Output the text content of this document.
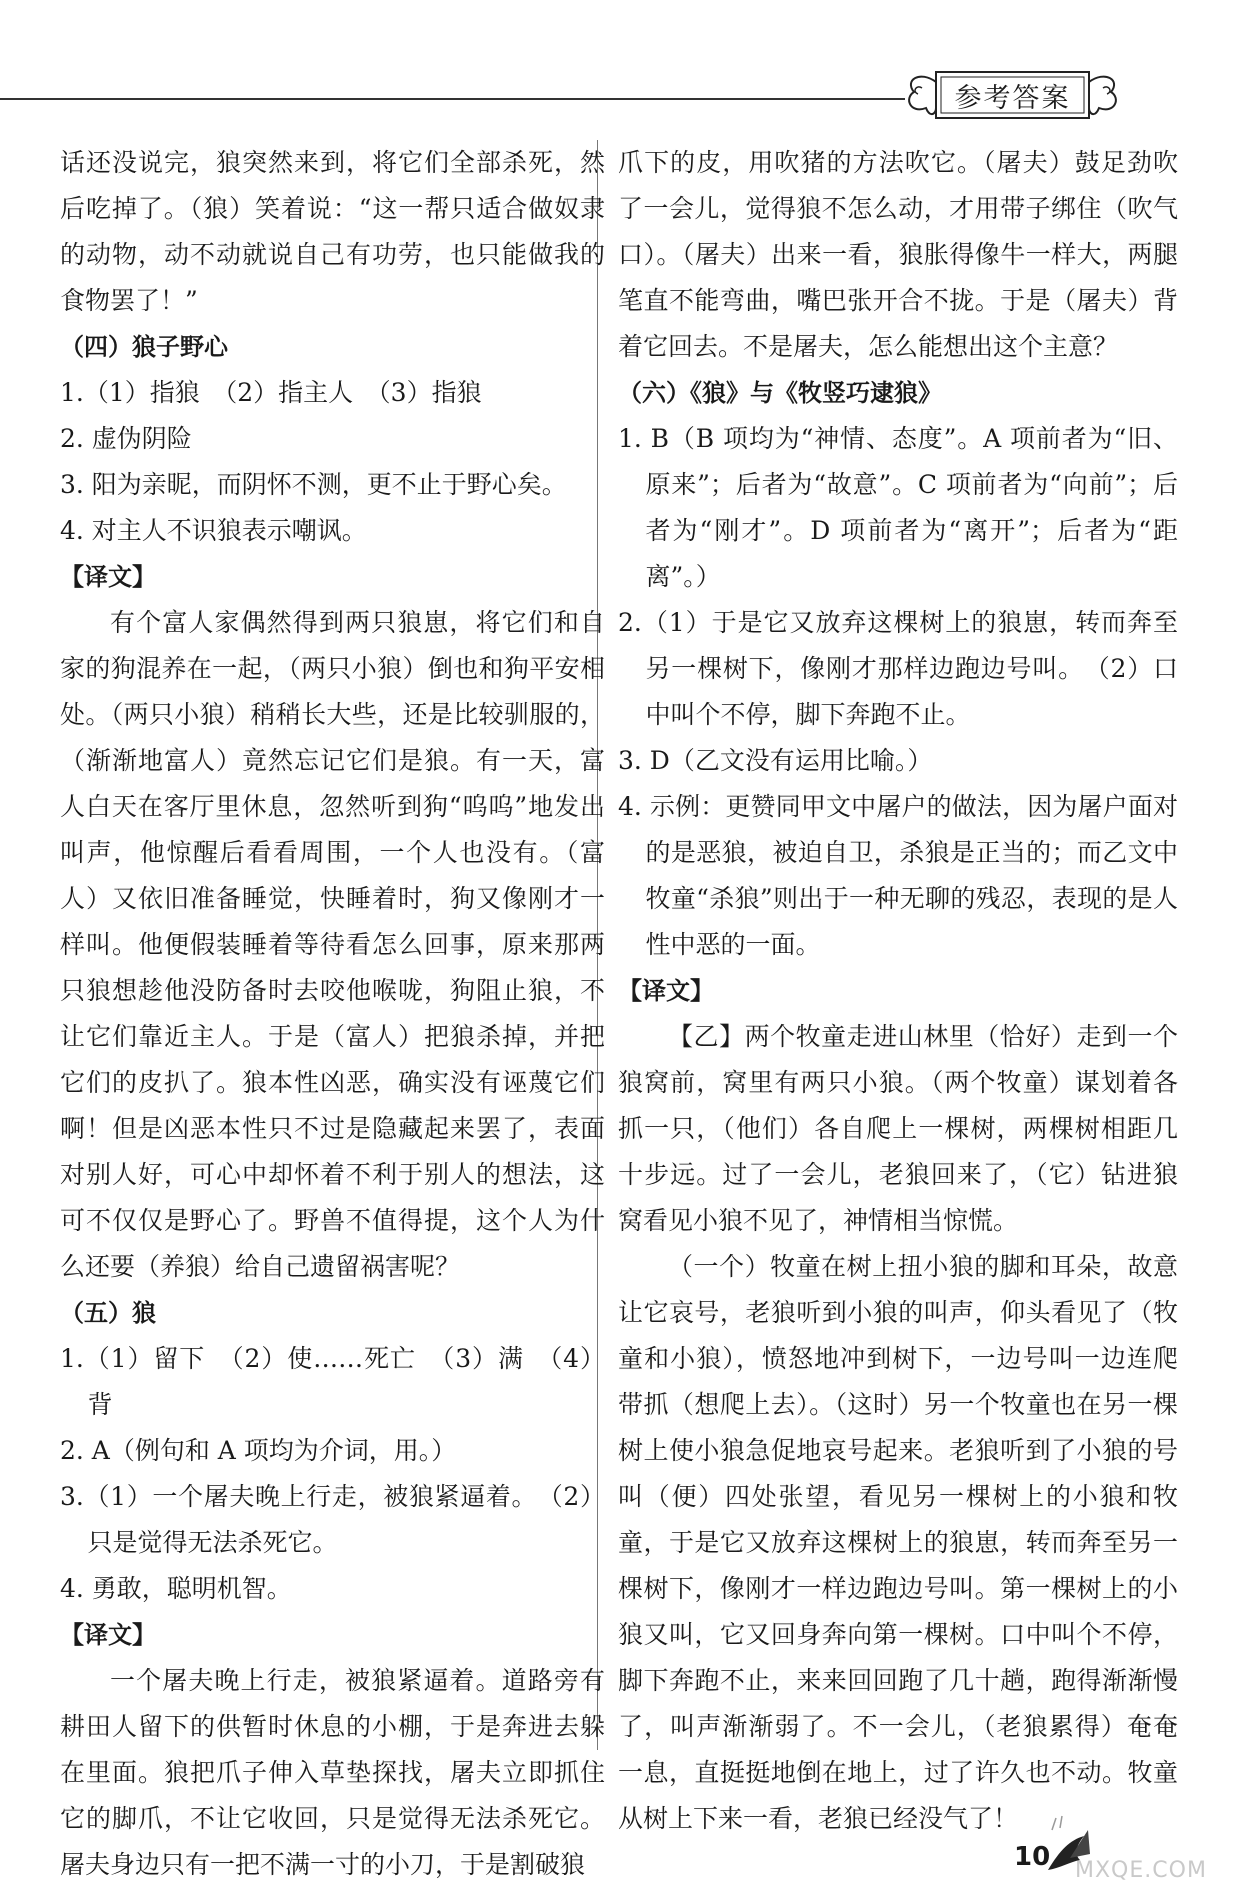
参考答案

话还没说完，狼突然来到，将它们全部杀死，然后吃掉了。（狼）笑着说：“这一帮只适合做奴隶的动物，动不动就说自己有功劳，也只能做我的食物罢了！”

（四）狼子野心

1.（1）指狼　（2）指主人　（3）指狼

2. 虚伪阴险

3. 阳为亲昵，而阴怀不测，更不止于野心矣。

4. 对主人不识狼表示嘲讽。

【译文】

有个富人家偶然得到两只狼崽，将它们和自家的狗混养在一起，（两只小狼）倒也和狗平安相处。（两只小狼）稍稍长大些，还是比较驯服的，（渐渐地富人）竟然忘记它们是狼。有一天，富人白天在客厅里休息，忽然听到狗“呜呜”地发出叫声，他惊醒后看看周围，一个人也没有。（富人）又依旧准备睡觉，快睡着时，狗又像刚才一样叫。他便假装睡着等待看怎么回事，原来那两只狼想趁他没防备时去咬他喉咙，狗阻止狼，不让它们靠近主人。于是（富人）把狼杀掉，并把它们的皮扒了。狼本性凶恶，确实没有诬蔑它们啊！但是凶恶本性只不过是隐藏起来罢了，表面对别人好，可心中却怀着不利于别人的想法，这可不仅仅是野心了。野兽不值得提，这个人为什么还要（养狼）给自己遗留祸害呢？

（五）狼

1.（1）留下　（2）使……死亡　（3）满　（4）背

2. A（例句和 A 项均为介词，用。）

3.（1）一个屠夫晚上行走，被狼紧逼着。　（2）只是觉得无法杀死它。

4. 勇敢，聪明机智。

【译文】

一个屠夫晚上行走，被狼紧逼着。道路旁有耕田人留下的供暂时休息的小棚，于是奔进去躲在里面。狼把爪子伸入草垫探找，屠夫立即抓住它的脚爪，不让它收回，只是觉得无法杀死它。屠夫身边只有一把不满一寸的小刀，于是割破狼

爪下的皮，用吹猪的方法吹它。（屠夫）鼓足劲吹了一会儿，觉得狼不怎么动，才用带子绑住（吹气口）。（屠夫）出来一看，狼胀得像牛一样大，两腿笔直不能弯曲，嘴巴张开合不拢。于是（屠夫）背着它回去。不是屠夫，怎么能想出这个主意？

（六）《狼》与《牧竖巧逮狼》

1. B（B 项均为“神情、态度”。A 项前者为“旧、原来”；后者为“故意”。C 项前者为“向前”；后者为“刚才”。D 项前者为“离开”；后者为“距离”。）

2.（1）于是它又放弃这棵树上的狼崽，转而奔至另一棵树下，像刚才那样边跑边号叫。　（2）口中叫个不停，脚下奔跑不止。

3. D（乙文没有运用比喻。）

4. 示例：更赞同甲文中屠户的做法，因为屠户面对的是恶狼，被迫自卫，杀狼是正当的；而乙文中牧童“杀狼”则出于一种无聊的残忍，表现的是人性中恶的一面。

【译文】

【乙】两个牧童走进山林里（恰好）走到一个狼窝前，窝里有两只小狼。（两个牧童）谋划着各抓一只，（他们）各自爬上一棵树，两棵树相距几十步远。过了一会儿，老狼回来了，（它）钻进狼窝看见小狼不见了，神情相当惊慌。

（一个）牧童在树上扭小狼的脚和耳朵，故意让它哀号，老狼听到小狼的叫声，仰头看见了（牧童和小狼），愤怒地冲到树下，一边号叫一边连爬带抓（想爬上去）。（这时）另一个牧童也在另一棵树上使小狼急促地哀号起来。老狼听到了小狼的号叫（便）四处张望，看见另一棵树上的小狼和牧童，于是它又放弃这棵树上的狼崽，转而奔至另一棵树下，像刚才一样边跑边号叫。第一棵树上的小狼又叫，它又回身奔向第一棵树。口中叫个不停，脚下奔跑不止，来来回回跑了几十趟，跑得渐渐慢了，叫声渐渐弱了。不一会儿，（老狼累得）奄奄一息，直挺挺地倒在地上，过了许久也不动。牧童从树上下来一看，老狼已经没气了！

10 MXQE.COM
